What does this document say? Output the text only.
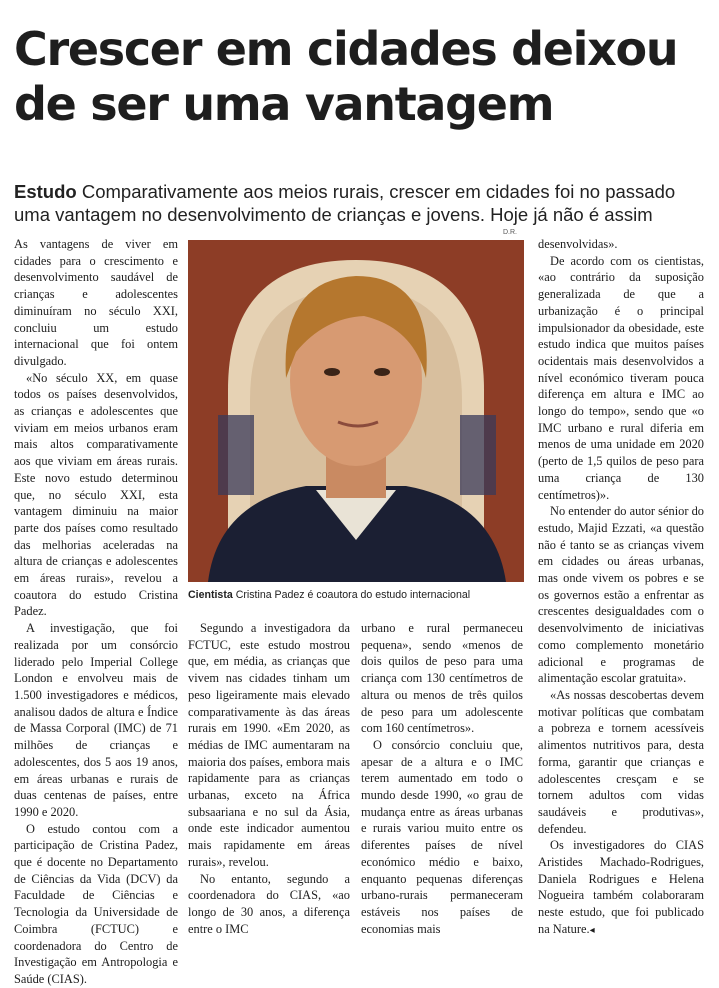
Crescer em cidades deixou
de ser uma vantagem
Estudo Comparativamente aos meios rurais, crescer em cidades foi no passado uma vantagem no desenvolvimento de crianças e jovens. Hoje já não é assim
D.R.

As vantagens de viver em cidades para o crescimento e desenvolvimento saudável de crianças e adolescentes diminuíram no século XXI, concluiu um estudo internacional que foi ontem divulgado.

«No século XX, em quase todos os países desenvolvidos, as crianças e adolescentes que viviam em meios urbanos eram mais altos comparativamente aos que viviam em áreas rurais. Este novo estudo determinou que, no século XXI, esta vantagem diminuiu na maior parte dos países como resultado das melhorias aceleradas na altura de crianças e adolescentes em áreas rurais», revelou a coautora do estudo Cristina Padez.

A investigação, que foi realizada por um consórcio liderado pelo Imperial College London e envolveu mais de 1.500 investigadores e médicos, analisou dados de altura e Índice de Massa Corporal (IMC) de 71 milhões de crianças e adolescentes, dos 5 aos 19 anos, em áreas urbanas e rurais de duas centenas de países, entre 1990 e 2020.

O estudo contou com a participação de Cristina Padez, que é docente no Departamento de Ciências da Vida (DCV) da Faculdade de Ciências e Tecnologia da Universidade de Coimbra (FCTUC) e coordenadora do Centro de Investigação em Antropologia e Saúde (CIAS).

Cientista Cristina Padez é coautora do estudo internacional

Segundo a investigadora da FCTUC, este estudo mostrou que, em média, as crianças que vivem nas cidades tinham um peso ligeiramente mais elevado comparativamente às das áreas rurais em 1990. «Em 2020, as médias de IMC aumentaram na maioria dos países, embora mais rapidamente para as crianças urbanas, exceto na África subsaariana e no sul da Ásia, onde este indicador aumentou mais rapidamente em áreas rurais», revelou.

No entanto, segundo a coordenadora do CIAS, «ao longo de 30 anos, a diferença entre o IMC

urbano e rural permaneceu pequena», sendo «menos de dois quilos de peso para uma criança com 130 centímetros de altura ou menos de três quilos de peso para um adolescente com 160 centímetros».

O consórcio concluiu que, apesar de a altura e o IMC terem aumentado em todo o mundo desde 1990, «o grau de mudança entre as áreas urbanas e rurais variou muito entre os diferentes países de nível económico médio e baixo, enquanto pequenas diferenças urbano-rurais permaneceram estáveis nos países de economias mais

desenvolvidas».

De acordo com os cientistas, «ao contrário da suposição generalizada de que a urbanização é o principal impulsionador da obesidade, este estudo indica que muitos países ocidentais mais desenvolvidos a nível económico tiveram pouca diferença em altura e IMC ao longo do tempo», sendo que «o IMC urbano e rural diferia em menos de uma unidade em 2020 (perto de 1,5 quilos de peso para uma criança de 130 centímetros)».

No entender do autor sénior do estudo, Majid Ezzati, «a questão não é tanto se as crianças vivem em cidades ou áreas urbanas, mas onde vivem os pobres e se os governos estão a enfrentar as crescentes desigualdades com o desenvolvimento de iniciativas como complemento monetário adicional e programas de alimentação escolar gratuita».

«As nossas descobertas devem motivar políticas que combatam a pobreza e tornem acessíveis alimentos nutritivos para, desta forma, garantir que crianças e adolescentes cresçam e se tornem adultos com vidas saudáveis e produtivas», defendeu.

Os investigadores do CIAS Aristides Machado-Rodrigues, Daniela Rodrigues e Helena Nogueira também colaboraram neste estudo, que foi publicado na Nature.◂
